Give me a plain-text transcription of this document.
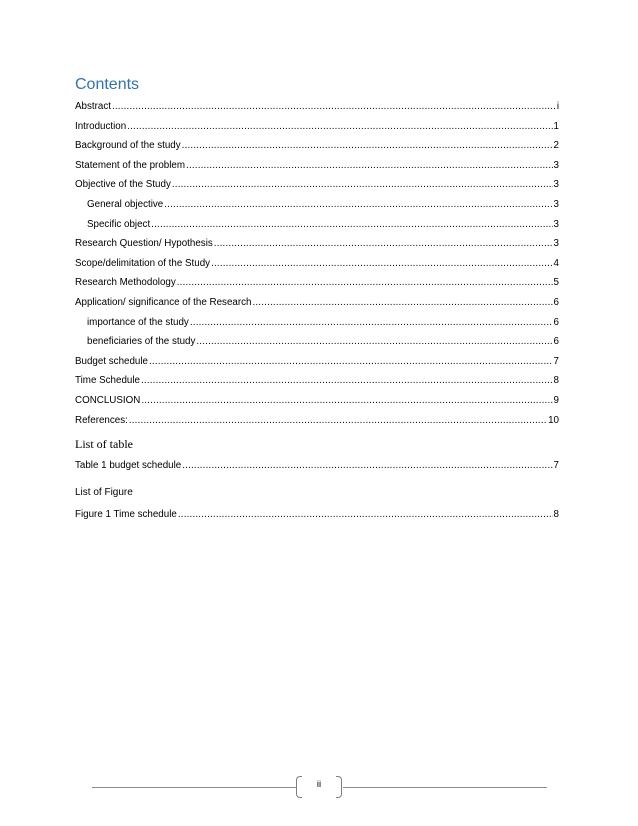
Contents
Abstract .....	i
Introduction .....	1
Background of the study .....	2
Statement of the problem .....	3
Objective of the Study .....	3
General objective .....	3
Specific object .....	3
Research Question/ Hypothesis .....	3
Scope/delimitation of the Study .....	4
Research Methodology .....	5
Application/ significance of the Research .....	6
importance of the study .....	6
beneficiaries of the study .....	6
Budget schedule .....	7
Time Schedule .....	8
CONCLUSION .....	9
References: .....	10
List of table
Table 1 budget schedule .....	7
List of Figure
Figure 1 Time schedule .....	8
ii
